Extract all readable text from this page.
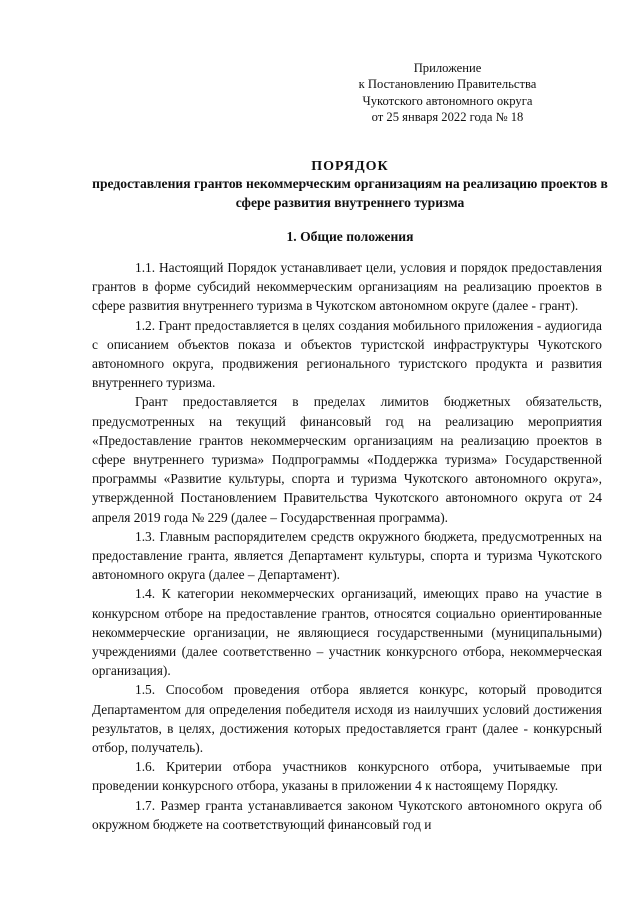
Приложение
к Постановлению Правительства
Чукотского автономного округа
от 25 января 2022 года № 18
ПОРЯДОК
предоставления грантов некоммерческим организациям на реализацию проектов в сфере развития внутреннего туризма
1. Общие положения

1.1. Настоящий Порядок устанавливает цели, условия и порядок предоставления грантов в форме субсидий некоммерческим организациям на реализацию проектов в сфере развития внутреннего туризма в Чукотском автономном округе (далее - грант).

1.2. Грант предоставляется в целях создания мобильного приложения - аудиогида с описанием объектов показа и объектов туристской инфраструктуры Чукотского автономного округа, продвижения регионального туристского продукта и развития внутреннего туризма.

Грант предоставляется в пределах лимитов бюджетных обязательств, предусмотренных на текущий финансовый год на реализацию мероприятия «Предоставление грантов некоммерческим организациям на реализацию проектов в сфере внутреннего туризма» Подпрограммы «Поддержка туризма» Государственной программы «Развитие культуры, спорта и туризма Чукотского автономного округа», утвержденной Постановлением Правительства Чукотского автономного округа от 24 апреля 2019 года № 229 (далее – Государственная программа).

1.3. Главным распорядителем средств окружного бюджета, предусмотренных на предоставление гранта, является Департамент культуры, спорта и туризма Чукотского автономного округа (далее – Департамент).

1.4. К категории некоммерческих организаций, имеющих право на участие в конкурсном отборе на предоставление грантов, относятся социально ориентированные некоммерческие организации, не являющиеся государственными (муниципальными) учреждениями (далее соответственно – участник конкурсного отбора, некоммерческая организация).

1.5. Способом проведения отбора является конкурс, который проводится Департаментом для определения победителя исходя из наилучших условий достижения результатов, в целях, достижения которых предоставляется грант (далее - конкурсный отбор, получатель).

1.6. Критерии отбора участников конкурсного отбора, учитываемые при проведении конкурсного отбора, указаны в приложении 4 к настоящему Порядку.

1.7. Размер гранта устанавливается законом Чукотского автономного округа об окружном бюджете на соответствующий финансовый год и
